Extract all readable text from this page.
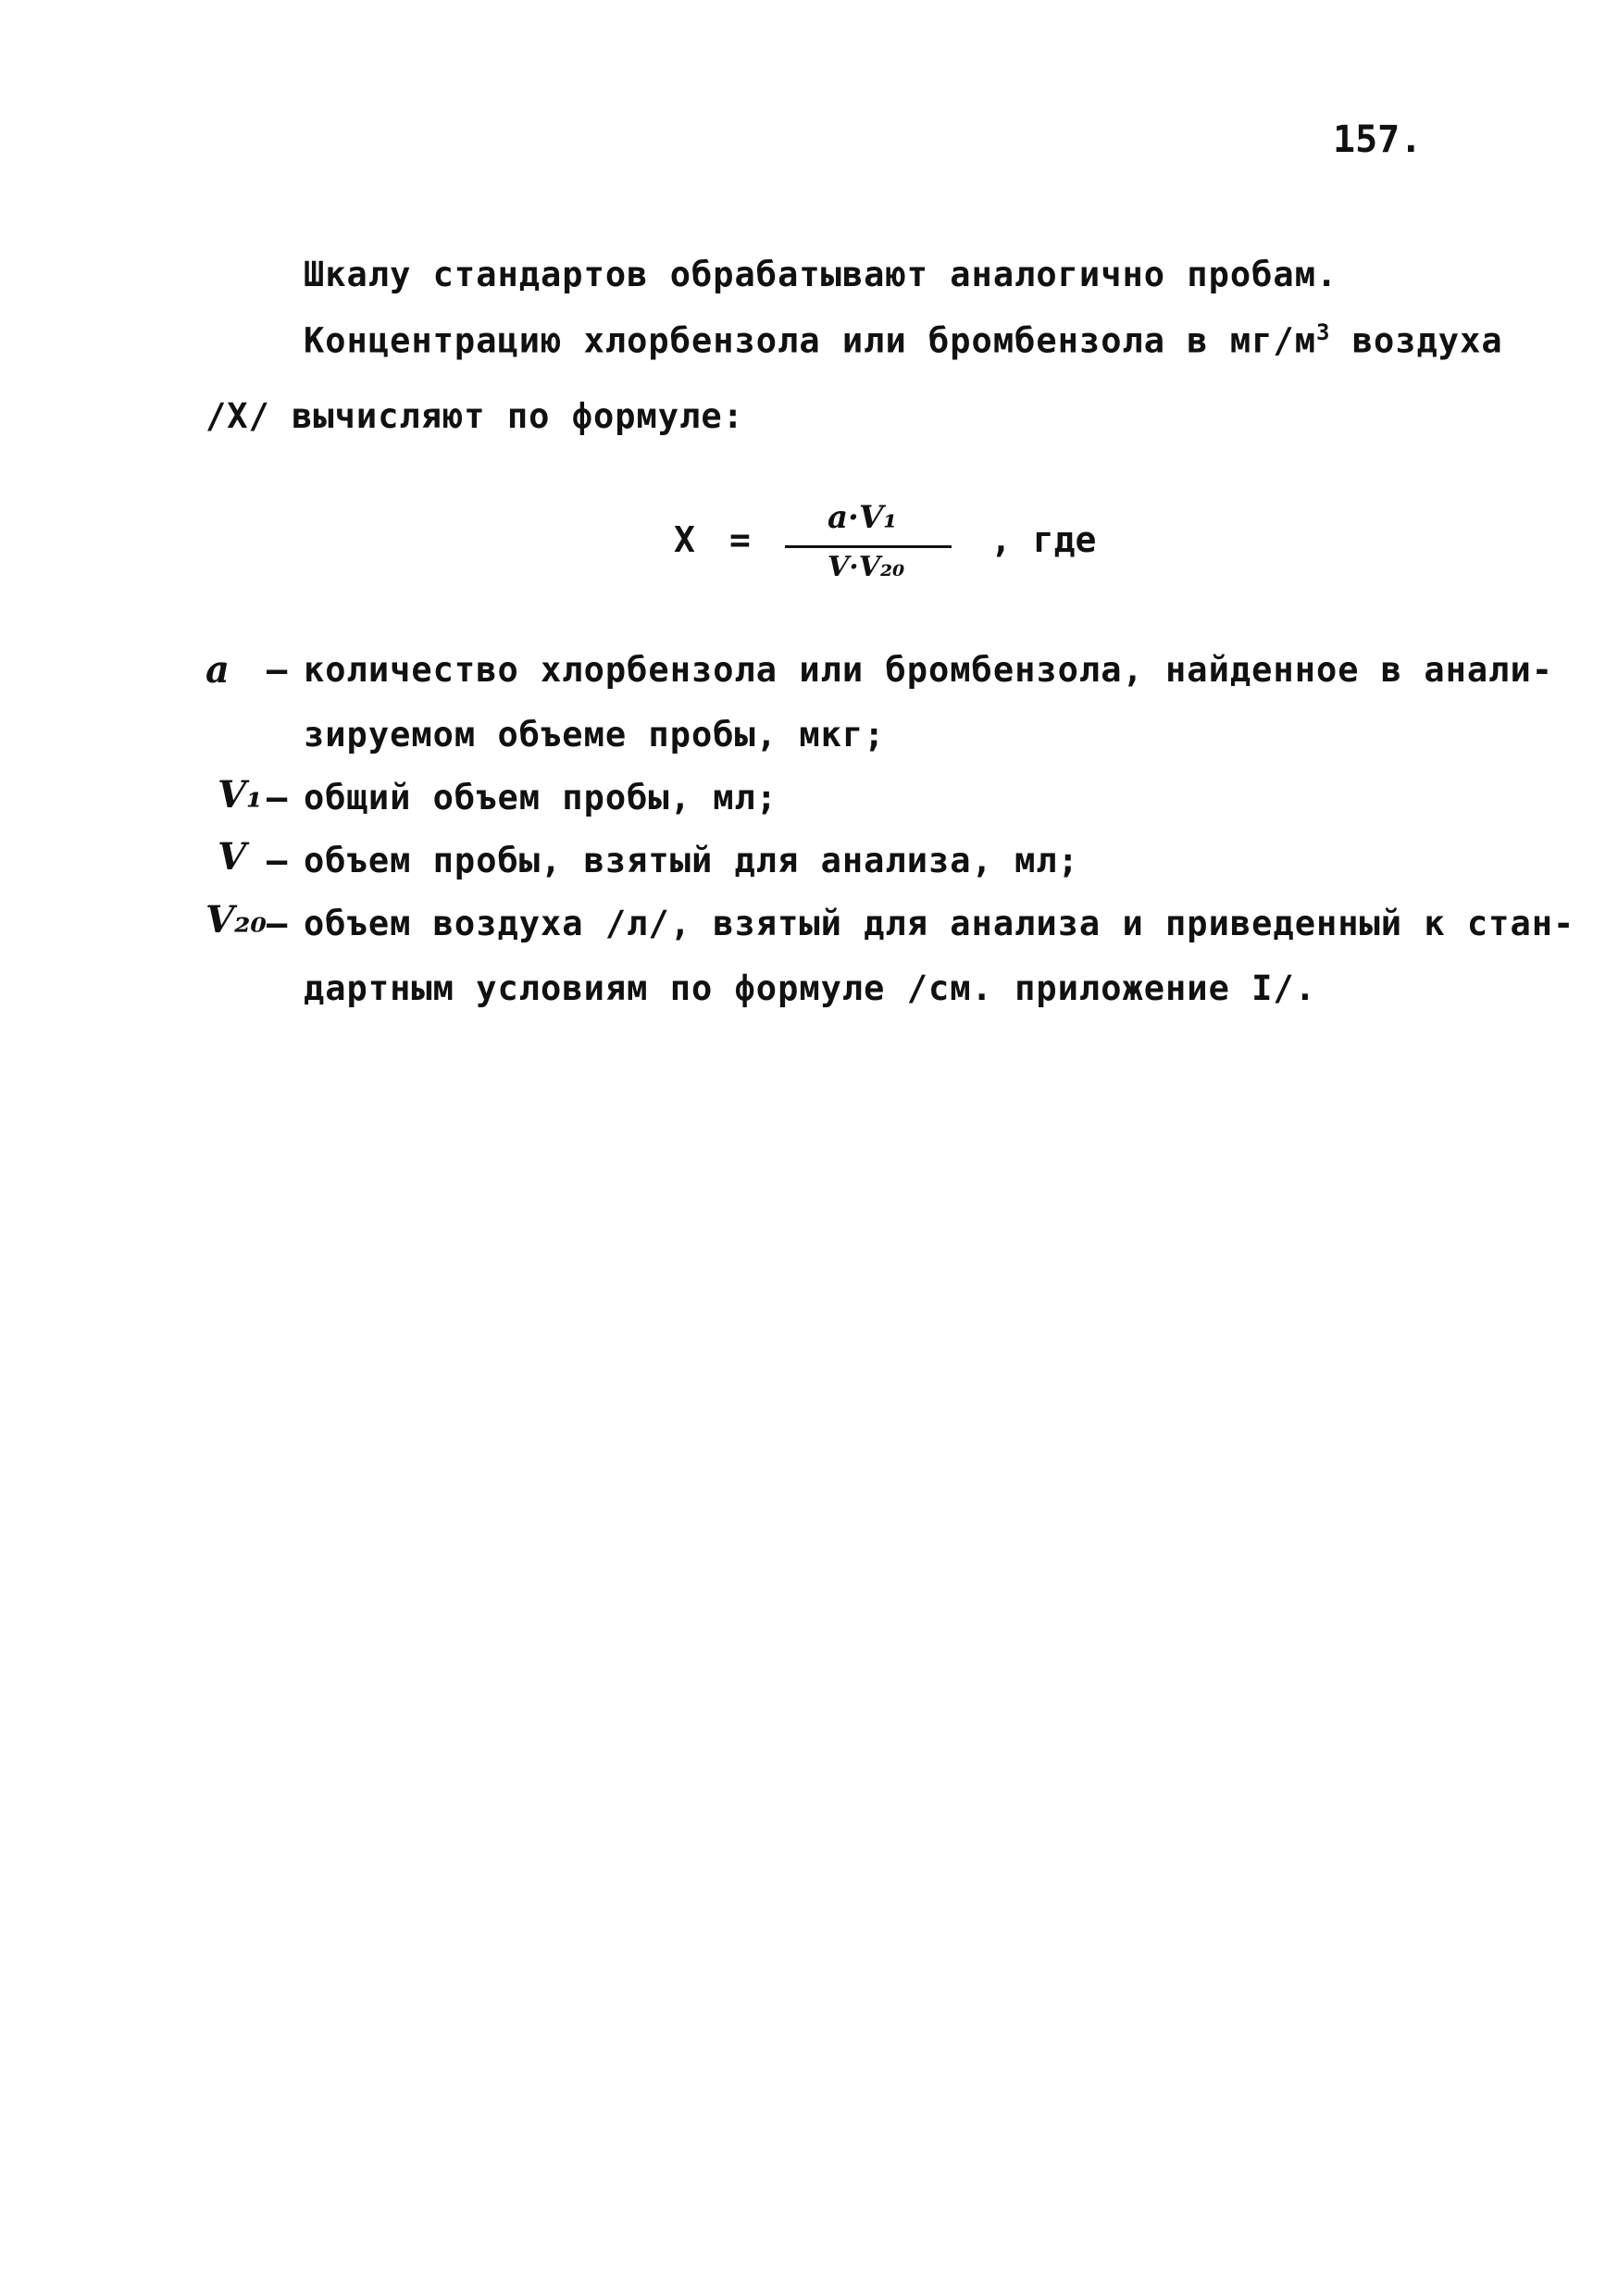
157.
Шкалу стандартов обрабатывают аналогично пробам.
Концентрацию хлорбензола или бромбензола в $мг/м^3$ воздуха
/Х/ вычисляют по формуле:
Х =
а·V₁
V·V₂₀
, где
а – количество хлорбензола или бромбензола, найденное в анали-
зируемом объеме пробы, мкг;
V₁ – общий объем пробы, мл;
V – объем пробы, взятый для анализа, мл;
V₂₀ – объем воздуха /л/, взятый для анализа и приведенный к стан-
дартным условиям по формуле /см. приложение I/.
